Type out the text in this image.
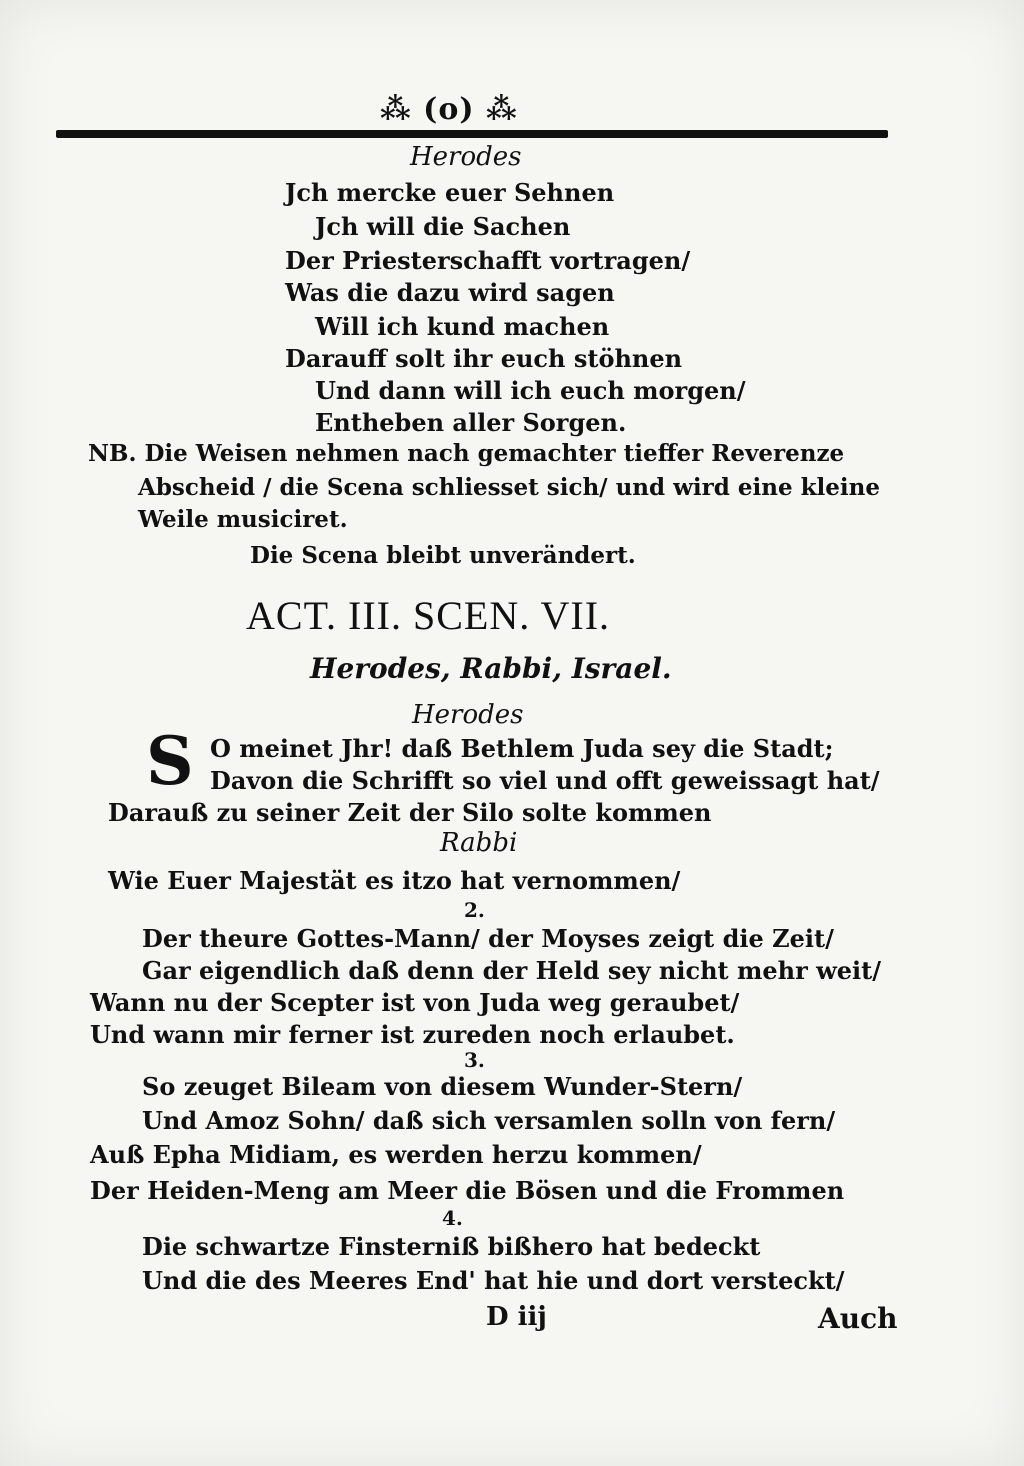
⁂ (o) ⁂
Herodes
Jch mercke euer Sehnen
Jch will die Sachen
Der Priesterschafft vortragen/
Was die dazu wird sagen
Will ich kund machen
Darauff solt ihr euch stöhnen
Und dann will ich euch morgen/
Entheben aller Sorgen.
NB. Die Weisen nehmen nach gemachter tieffer Reverenze
Abscheid / die Scena schliesset sich/ und wird eine kleine
Weile musiciret.
Die Scena bleibt unverändert.
ACT. III. SCEN. VII.
Herodes, Rabbi, Israel.
Herodes
S O meinet Jhr! daß Bethlem Juda sey die Stadt;
Davon die Schrifft so viel und offt geweissagt hat/
Darauß zu seiner Zeit der Silo solte kommen
Rabbi
Wie Euer Majestät es itzo hat vernommen/
2.
Der theure Gottes-Mann/ der Moyses zeigt die Zeit/
Gar eigendlich daß denn der Held sey nicht mehr weit/
Wann nu der Scepter ist von Juda weg geraubet/
Und wann mir ferner ist zureden noch erlaubet.
3.
So zeuget Bileam von diesem Wunder-Stern/
Und Amoz Sohn/ daß sich versamlen solln von fern/
Auß Epha Midiam, es werden herzu kommen/
Der Heiden-Meng am Meer die Bösen und die Frommen
4.
Die schwartze Finsterniß bißhero hat bedeckt
Und die des Meeres End' hat hie und dort versteckt/
D iij	Auch
